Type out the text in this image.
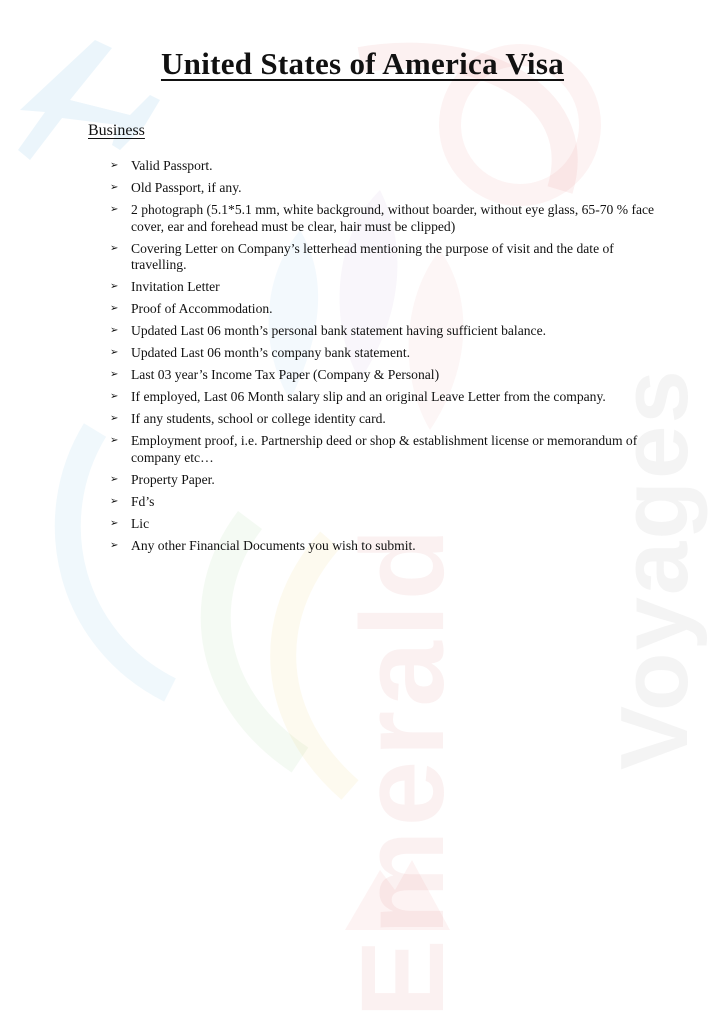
Emerald Voyages
United States of America Visa
Business
➢ Valid Passport.
➢ Old Passport, if any.
➢ 2 photograph (5.1*5.1 mm, white background, without boarder, without eye glass, 65-70 % face cover, ear and forehead must be clear, hair must be clipped)
➢ Covering Letter on Company’s letterhead mentioning the purpose of visit and the date of travelling.
➢ Invitation Letter
➢ Proof of Accommodation.
➢ Updated Last 06 month’s personal bank statement having sufficient balance.
➢ Updated Last 06 month’s company bank statement.
➢ Last 03 year’s Income Tax Paper (Company & Personal)
➢ If employed, Last 06 Month salary slip and an original Leave Letter from the company.
➢ If any students, school or college identity card.
➢ Employment proof, i.e. Partnership deed or shop & establishment license or memorandum of company etc…
➢ Property Paper.
➢ Fd’s
➢ Lic
➢ Any other Financial Documents you wish to submit.
